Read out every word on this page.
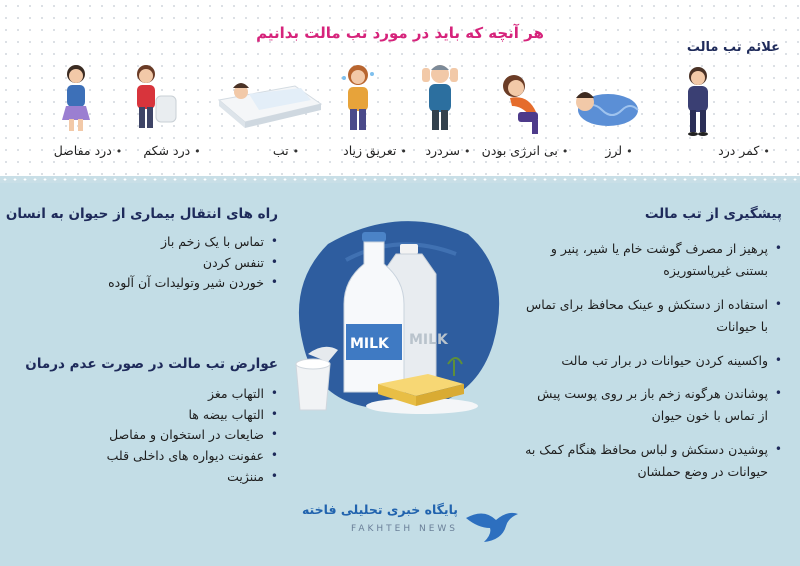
هر آنچه که باید در مورد تب مالت بدانیم
علائم تب مالت
•کمر درد
•لرز
•بی انرژی بودن
•سردرد
•تعریق زیاد
•تب
•درد شکم
•درد مفاصل
پیشگیری از تب مالت
• پرهیز از مصرف گوشت خام یا شیر، پنیر و بستنی غیرپاستوریزه
• استفاده از دستکش و عینک محافظ برای تماس با حیوانات
• واکسینه کردن حیوانات در برار تب مالت
• پوشاندن هرگونه زخم باز بر روی پوست پیش از تماس با خون حیوان
• پوشیدن دستکش و لباس محافظ هنگام کمک به حیوانات در وضع حملشان
راه های انتقال بیماری از حیوان به انسان
• تماس با یک زخم باز
• تنفس کردن
• خوردن شیر وتولیدات آن آلوده
عوارض تب مالت در صورت عدم درمان
• التهاب مغز
• التهاب بیضه ها
• ضایعات در استخوان و مفاصل
• عفونت دیواره های داخلی قلب
• مننژیت
MILK
MILK
پایگاه خبری تحلیلی فاخته
FAKHTEH NEWS
